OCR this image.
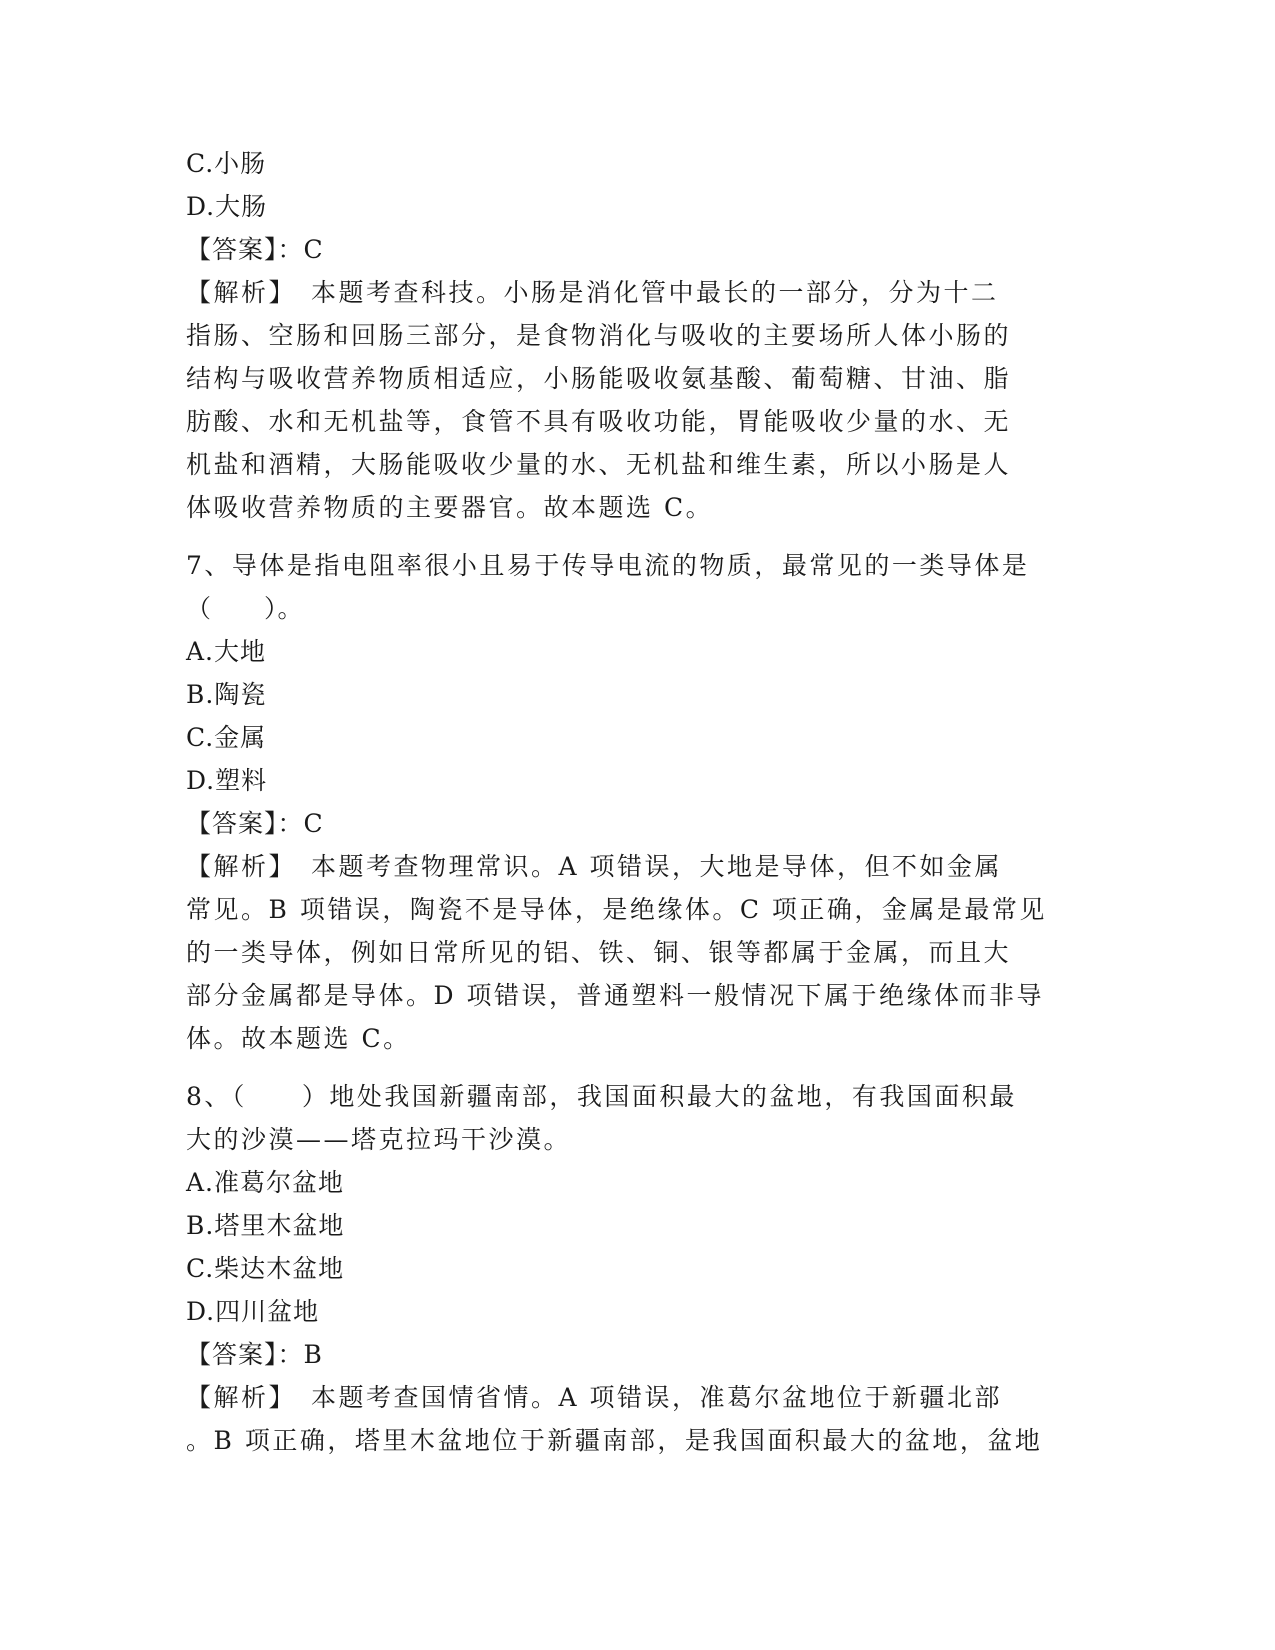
C.小肠
D.大肠
【答案】：C
【解析】　本题考查科技。小肠是消化管中最长的一部分，分为十二
指肠、空肠和回肠三部分，是食物消化与吸收的主要场所人体小肠的
结构与吸收营养物质相适应，小肠能吸收氨基酸、葡萄糖、甘油、脂
肪酸、水和无机盐等，食管不具有吸收功能，胃能吸收少量的水、无
机盐和酒精，大肠能吸收少量的水、无机盐和维生素，所以小肠是人
体吸收营养物质的主要器官。故本题选 C。
7、导体是指电阻率很小且易于传导电流的物质，最常见的一类导体是
（　　）。
A.大地
B.陶瓷
C.金属
D.塑料
【答案】：C
【解析】　本题考查物理常识。A 项错误，大地是导体，但不如金属
常见。B 项错误，陶瓷不是导体，是绝缘体。C 项正确，金属是最常见
的一类导体，例如日常所见的铝、铁、铜、银等都属于金属，而且大
部分金属都是导体。D 项错误，普通塑料一般情况下属于绝缘体而非导
体。故本题选 C。
8、（　　）地处我国新疆南部，我国面积最大的盆地，有我国面积最
大的沙漠——塔克拉玛干沙漠。
A.准葛尔盆地
B.塔里木盆地
C.柴达木盆地
D.四川盆地
【答案】：B
【解析】　本题考查国情省情。A 项错误，准葛尔盆地位于新疆北部
。B 项正确，塔里木盆地位于新疆南部，是我国面积最大的盆地，盆地
